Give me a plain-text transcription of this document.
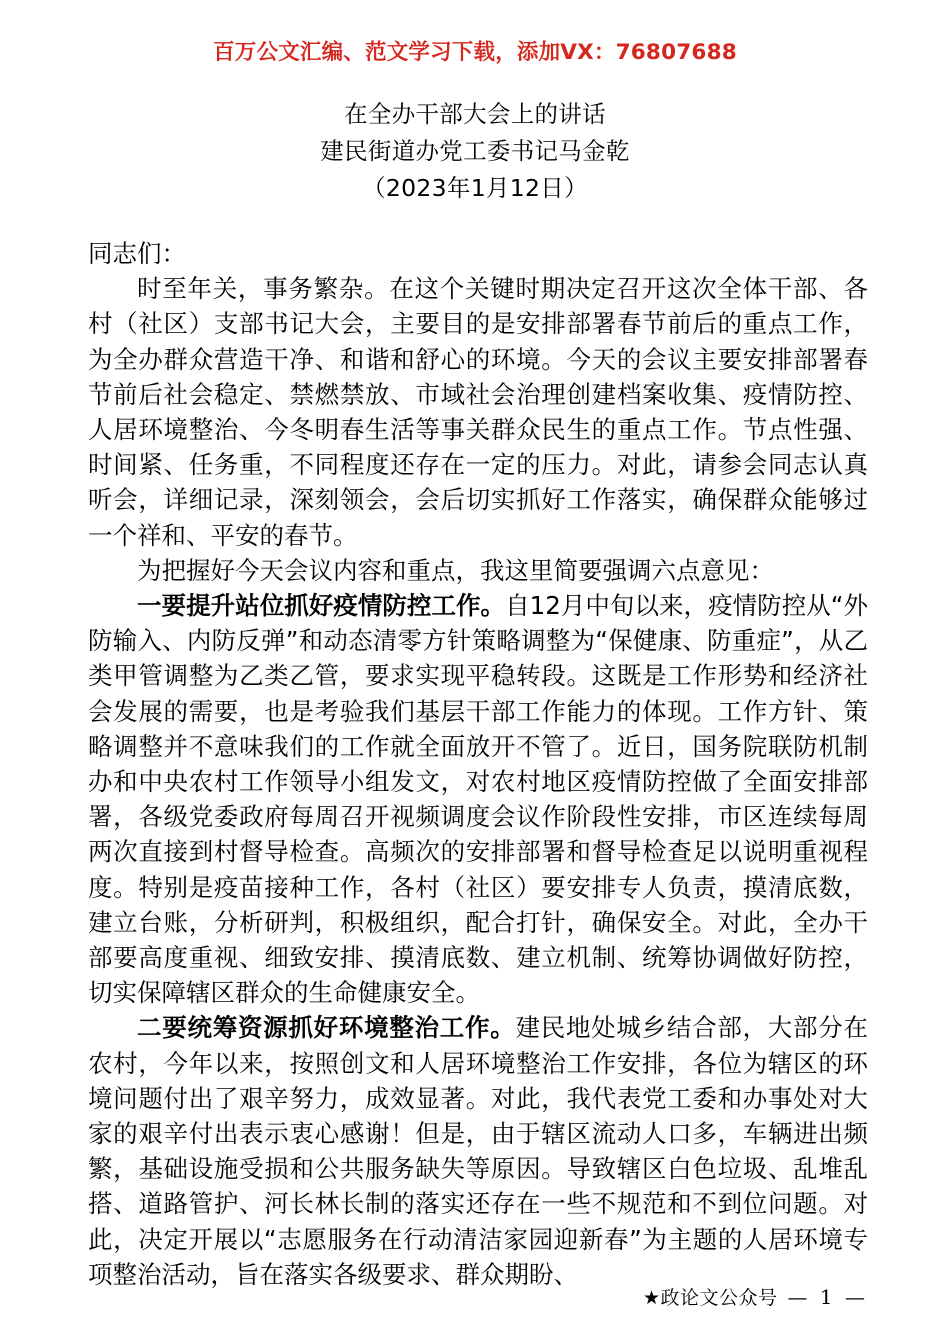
百万公文汇编、范文学习下载，添加VX：76807688
在全办干部大会上的讲话
建民街道办党工委书记马金乾
（2023年1月12日）

同志们：

时至年关，事务繁杂。在这个关键时期决定召开这次全体干部、各村（社区）支部书记大会，主要目的是安排部署春节前后的重点工作，为全办群众营造干净、和谐和舒心的环境。今天的会议主要安排部署春节前后社会稳定、禁燃禁放、市域社会治理创建档案收集、疫情防控、人居环境整治、今冬明春生活等事关群众民生的重点工作。节点性强、时间紧、任务重，不同程度还存在一定的压力。对此，请参会同志认真听会，详细记录，深刻领会，会后切实抓好工作落实，确保群众能够过一个祥和、平安的春节。

为把握好今天会议内容和重点，我这里简要强调六点意见：

一要提升站位抓好疫情防控工作。自12月中旬以来，疫情防控从“外防输入、内防反弹”和动态清零方针策略调整为“保健康、防重症”，从乙类甲管调整为乙类乙管，要求实现平稳转段。这既是工作形势和经济社会发展的需要，也是考验我们基层干部工作能力的体现。工作方针、策略调整并不意味我们的工作就全面放开不管了。近日，国务院联防机制办和中央农村工作领导小组发文，对农村地区疫情防控做了全面安排部署，各级党委政府每周召开视频调度会议作阶段性安排，市区连续每周两次直接到村督导检查。高频次的安排部署和督导检查足以说明重视程度。特别是疫苗接种工作，各村（社区）要安排专人负责，摸清底数，建立台账，分析研判，积极组织，配合打针，确保安全。对此，全办干部要高度重视、细致安排、摸清底数、建立机制、统筹协调做好防控，切实保障辖区群众的生命健康安全。

二要统筹资源抓好环境整治工作。建民地处城乡结合部，大部分在农村，今年以来，按照创文和人居环境整治工作安排，各位为辖区的环境问题付出了艰辛努力，成效显著。对此，我代表党工委和办事处对大家的艰辛付出表示衷心感谢！但是，由于辖区流动人口多，车辆进出频繁，基础设施受损和公共服务缺失等原因。导致辖区白色垃圾、乱堆乱搭、道路管护、河长林长制的落实还存在一些不规范和不到位问题。对此，决定开展以“志愿服务在行动清洁家园迎新春”为主题的人居环境专项整治活动，旨在落实各级要求、群众期盼、

★政论文公众号 — 1 —
